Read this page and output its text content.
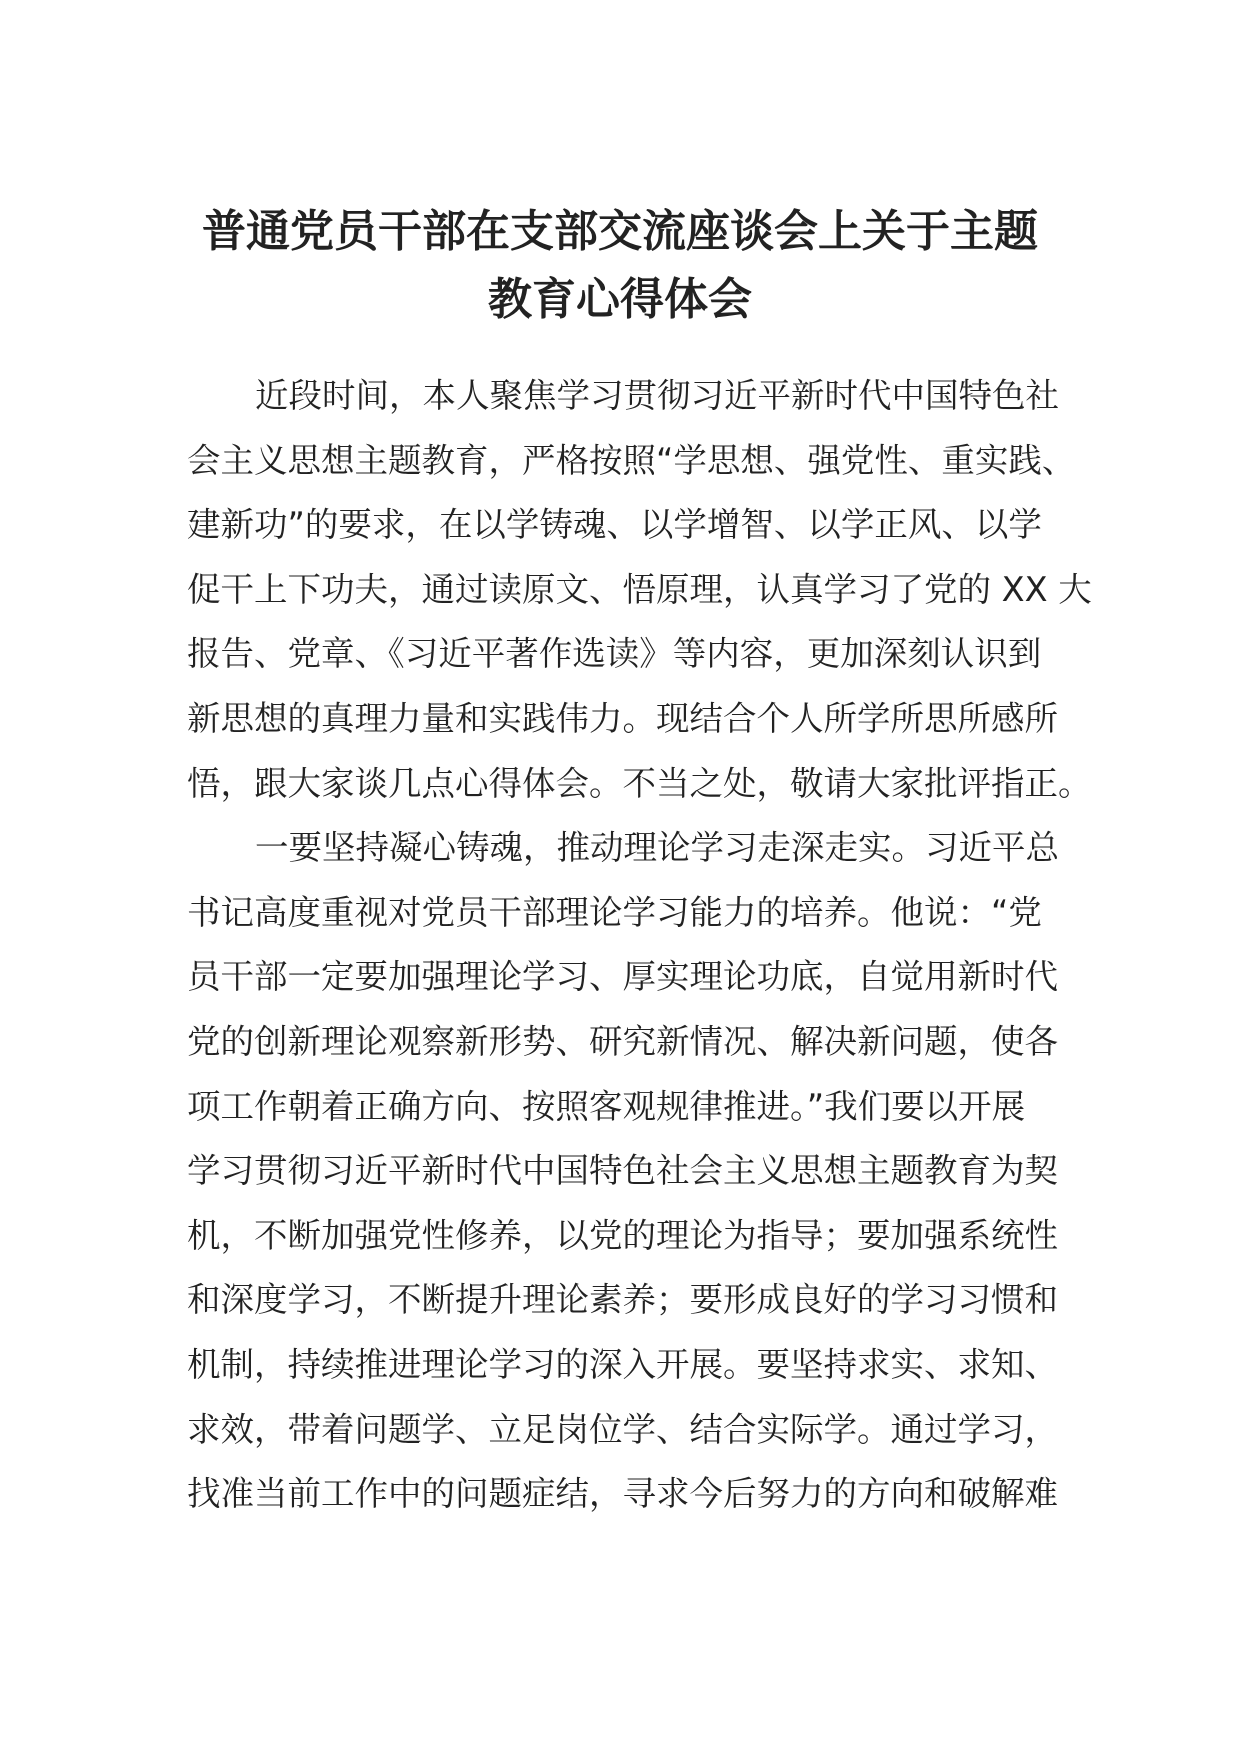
普通党员干部在支部交流座谈会上关于主题
教育心得体会
近段时间，本人聚焦学习贯彻习近平新时代中国特色社
会主义思想主题教育，严格按照“学思想、强党性、重实践、
建新功”的要求，在以学铸魂、以学增智、以学正风、以学
促干上下功夫，通过读原文、悟原理，认真学习了党的 XX 大
报告、党章、《习近平著作选读》等内容，更加深刻认识到
新思想的真理力量和实践伟力。现结合个人所学所思所感所
悟，跟大家谈几点心得体会。不当之处，敬请大家批评指正。
一要坚持凝心铸魂，推动理论学习走深走实。习近平总
书记高度重视对党员干部理论学习能力的培养。他说：“党
员干部一定要加强理论学习、厚实理论功底，自觉用新时代
党的创新理论观察新形势、研究新情况、解决新问题，使各
项工作朝着正确方向、按照客观规律推进。”我们要以开展
学习贯彻习近平新时代中国特色社会主义思想主题教育为契
机，不断加强党性修养，以党的理论为指导；要加强系统性
和深度学习，不断提升理论素养；要形成良好的学习习惯和
机制，持续推进理论学习的深入开展。要坚持求实、求知、
求效，带着问题学、立足岗位学、结合实际学。通过学习，
找准当前工作中的问题症结，寻求今后努力的方向和破解难
